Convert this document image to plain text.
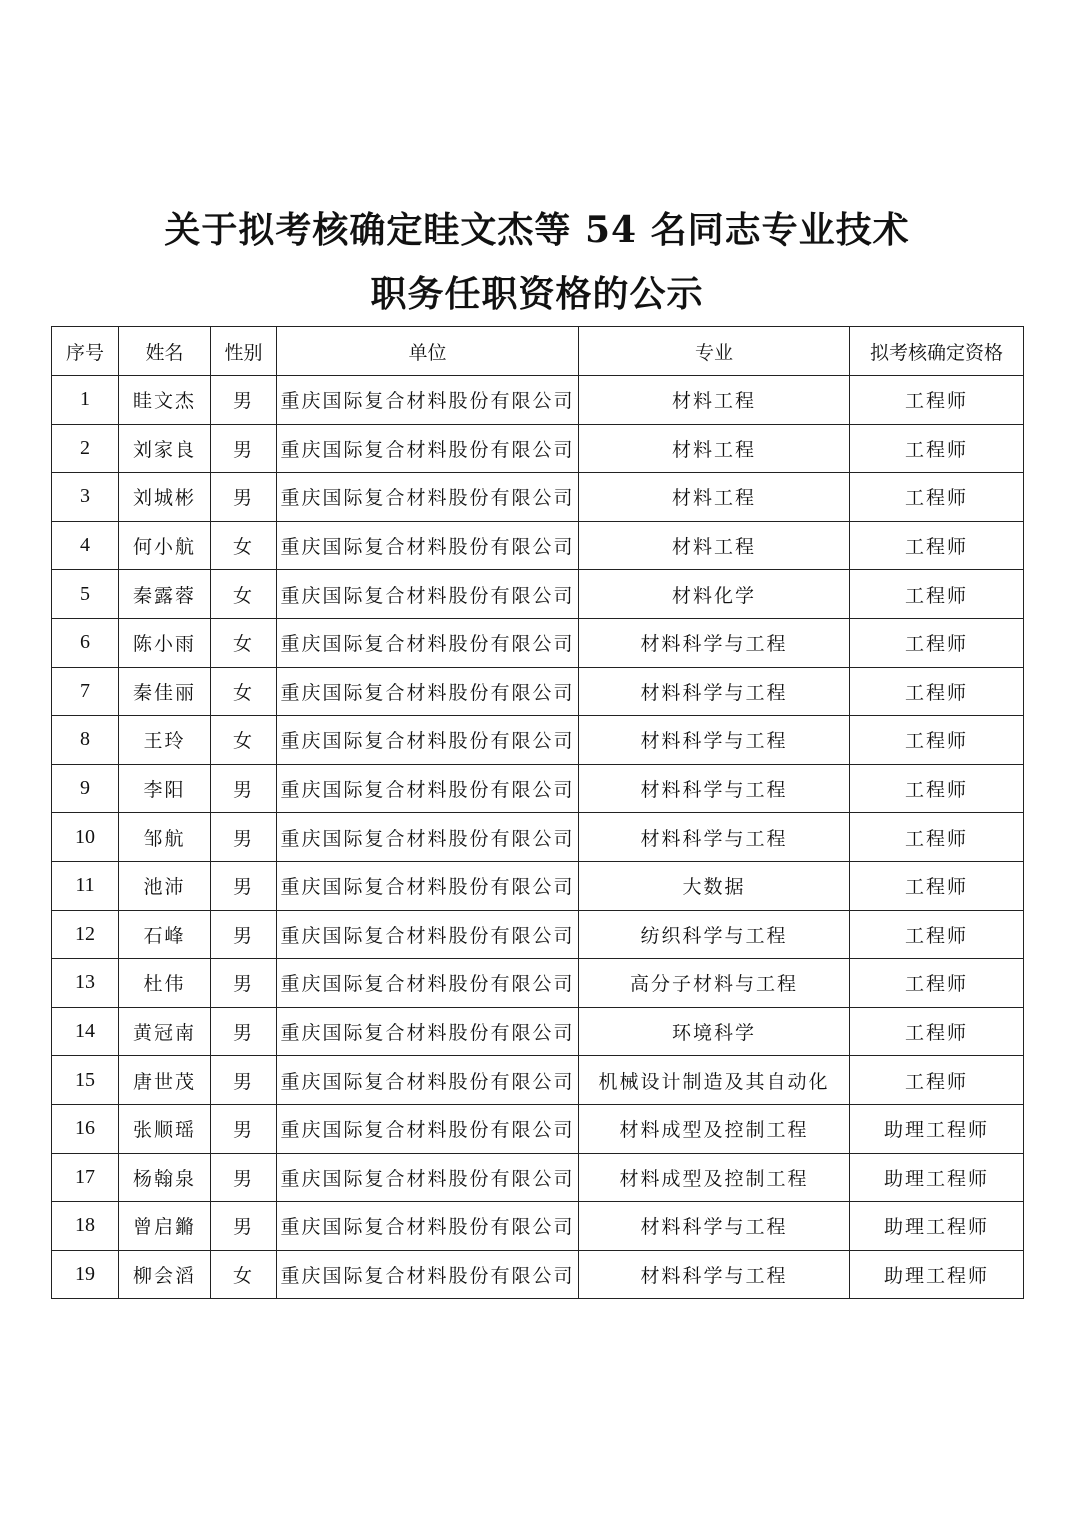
关于拟考核确定眭文杰等 54 名同志专业技术
职务任职资格的公示
序号	姓名	性别	单位	专业	拟考核确定资格
1	眭文杰	男	重庆国际复合材料股份有限公司	材料工程	工程师
2	刘家良	男	重庆国际复合材料股份有限公司	材料工程	工程师
3	刘城彬	男	重庆国际复合材料股份有限公司	材料工程	工程师
4	何小航	女	重庆国际复合材料股份有限公司	材料工程	工程师
5	秦露蓉	女	重庆国际复合材料股份有限公司	材料化学	工程师
6	陈小雨	女	重庆国际复合材料股份有限公司	材料科学与工程	工程师
7	秦佳丽	女	重庆国际复合材料股份有限公司	材料科学与工程	工程师
8	王玲	女	重庆国际复合材料股份有限公司	材料科学与工程	工程师
9	李阳	男	重庆国际复合材料股份有限公司	材料科学与工程	工程师
10	邹航	男	重庆国际复合材料股份有限公司	材料科学与工程	工程师
11	池沛	男	重庆国际复合材料股份有限公司	大数据	工程师
12	石峰	男	重庆国际复合材料股份有限公司	纺织科学与工程	工程师
13	杜伟	男	重庆国际复合材料股份有限公司	高分子材料与工程	工程师
14	黄冠南	男	重庆国际复合材料股份有限公司	环境科学	工程师
15	唐世茂	男	重庆国际复合材料股份有限公司	机械设计制造及其自动化	工程师
16	张顺瑶	男	重庆国际复合材料股份有限公司	材料成型及控制工程	助理工程师
17	杨翰泉	男	重庆国际复合材料股份有限公司	材料成型及控制工程	助理工程师
18	曾启鏅	男	重庆国际复合材料股份有限公司	材料科学与工程	助理工程师
19	柳会滔	女	重庆国际复合材料股份有限公司	材料科学与工程	助理工程师
